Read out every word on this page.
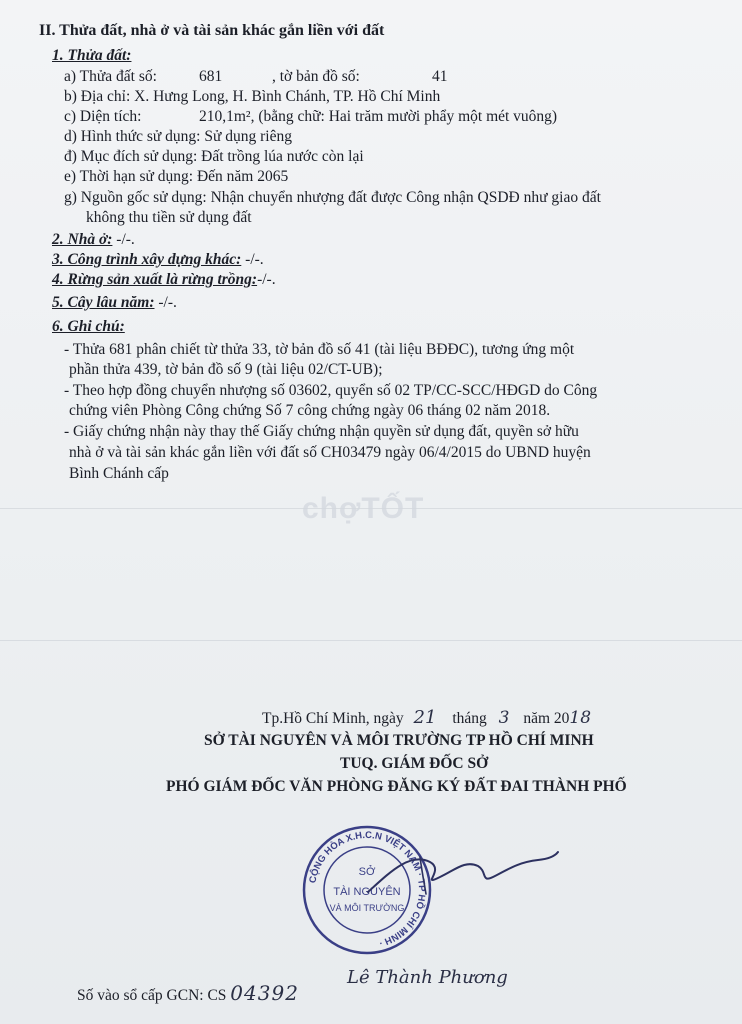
II. Thửa đất, nhà ở và tài sản khác gắn liền với đất
1. Thửa đất:
a) Thửa đất số:	681	, tờ bản đồ số:	41
b) Địa chỉ: X. Hưng Long, H. Bình Chánh, TP. Hồ Chí Minh
c) Diện tích:	210,1m², (bằng chữ: Hai trăm mười phẩy một mét vuông)
d) Hình thức sử dụng: Sử dụng riêng
đ) Mục đích sử dụng: Đất trồng lúa nước còn lại
e) Thời hạn sử dụng: Đến năm 2065
g) Nguồn gốc sử dụng: Nhận chuyển nhượng đất được Công nhận QSDĐ như giao đất
không thu tiền sử dụng đất
2. Nhà ở: -/-.
3. Công trình xây dựng khác: -/-.
4. Rừng sản xuất là rừng trồng:-/-.
5. Cây lâu năm: -/-.
6. Ghi chú:
- Thửa 681 phân chiết từ thửa 33, tờ bản đồ số 41 (tài liệu BĐĐC), tương ứng một
phần thửa 439, tờ bản đồ số 9 (tài liệu 02/CT-UB);
- Theo hợp đồng chuyển nhượng số 03602, quyển số 02 TP/CC-SCC/HĐGD do Công
chứng viên Phòng Công chứng Số 7 công chứng ngày 06 tháng 02 năm 2018.
- Giấy chứng nhận này thay thế Giấy chứng nhận quyền sử dụng đất, quyền sở hữu
nhà ở và tài sản khác gắn liền với đất số CH03479 ngày 06/4/2015 do UBND huyện
Bình Chánh cấp
chợTỐT
Tp.Hồ Chí Minh, ngày 21 tháng 3 năm 2018
SỞ TÀI NGUYÊN VÀ MÔI TRƯỜNG TP HỒ CHÍ MINH
TUQ. GIÁM ĐỐC SỞ
PHÓ GIÁM ĐỐC VĂN PHÒNG ĐĂNG KÝ ĐẤT ĐAI THÀNH PHỐ
CỘNG HÒA X.H.C.N VIỆT NAM · TP HỒ CHÍ MINH ·
SỞ
TÀI NGUYÊN
VÀ MÔI TRƯỜNG
Số vào sổ cấp GCN: CS 04392
Lê Thành Phương
